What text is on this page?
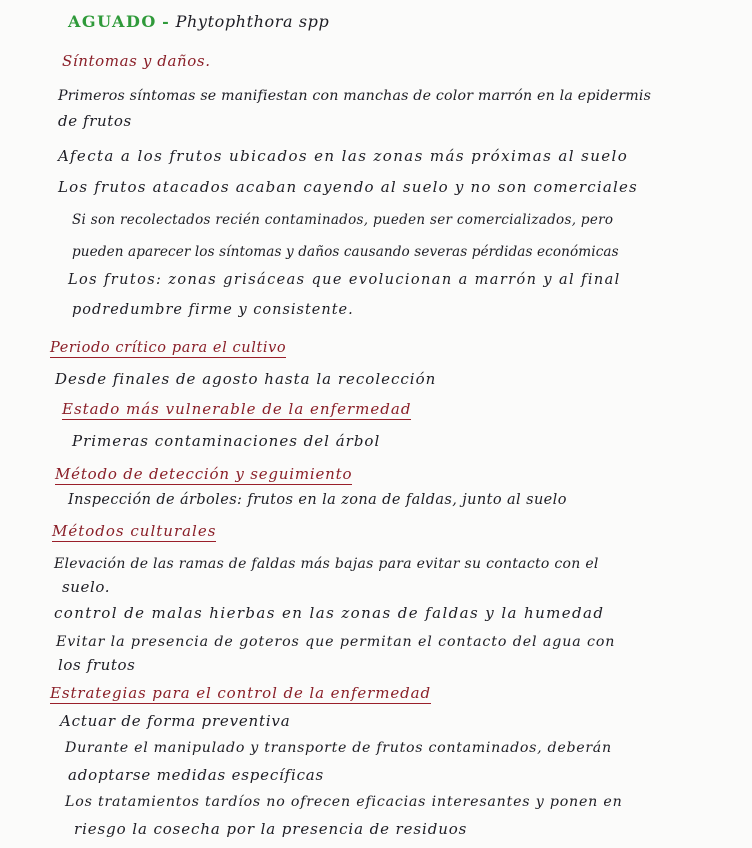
AGUADO - Phytophthora spp
Síntomas y daños.
Primeros síntomas se manifiestan con manchas de color marrón en la epidermis
de frutos
Afecta a los frutos ubicados en las zonas más próximas al suelo
Los frutos atacados acaban cayendo al suelo y no son comerciales
Si son recolectados recién contaminados, pueden ser comercializados, pero
pueden aparecer los síntomas y daños causando severas pérdidas económicas
Los frutos: zonas grisáceas que evolucionan a marrón y al final
podredumbre firme y consistente.
Periodo crítico para el cultivo
Desde finales de agosto hasta la recolección
Estado más vulnerable de la enfermedad
Primeras contaminaciones del árbol
Método de detección y seguimiento
Inspección de árboles: frutos en la zona de faldas, junto al suelo
Métodos culturales
Elevación de las ramas de faldas más bajas para evitar su contacto con el
suelo.
control de malas hierbas en las zonas de faldas y la humedad
Evitar la presencia de goteros que permitan el contacto del agua con
los frutos
Estrategias para el control de la enfermedad
Actuar de forma preventiva
Durante el manipulado y transporte de frutos contaminados, deberán
adoptarse medidas específicas
Los tratamientos tardíos no ofrecen eficacias interesantes y ponen en
riesgo la cosecha por la presencia de residuos
